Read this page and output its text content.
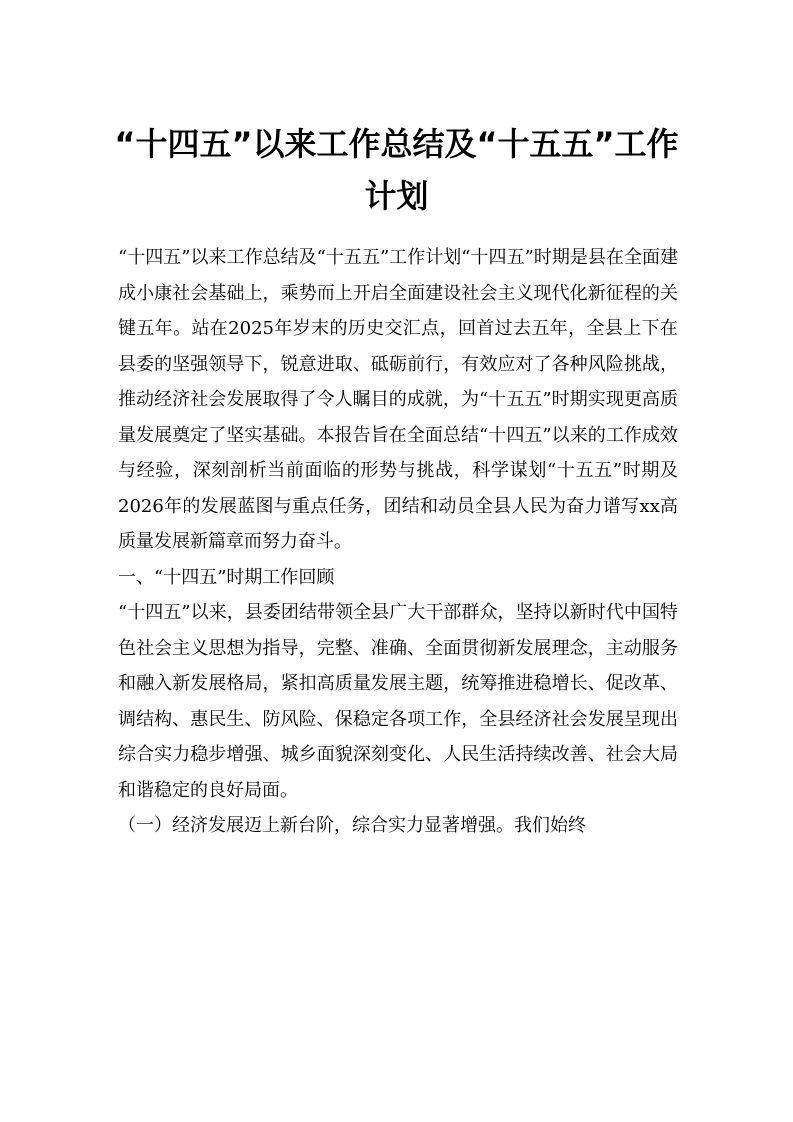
“十四五”以来工作总结及“十五五”工作计划

“十四五”以来工作总结及“十五五”工作计划“十四五”时期是县在全面建成小康社会基础上，乘势而上开启全面建设社会主义现代化新征程的关键五年。站在2025年岁末的历史交汇点，回首过去五年，全县上下在县委的坚强领导下，锐意进取、砥砺前行，有效应对了各种风险挑战，推动经济社会发展取得了令人瞩目的成就，为“十五五”时期实现更高质量发展奠定了坚实基础。本报告旨在全面总结“十四五”以来的工作成效与经验，深刻剖析当前面临的形势与挑战，科学谋划“十五五”时期及2026年的发展蓝图与重点任务，团结和动员全县人民为奋力谱写xx高质量发展新篇章而努力奋斗。

一、“十四五”时期工作回顾

“十四五”以来，县委团结带领全县广大干部群众，坚持以新时代中国特色社会主义思想为指导，完整、准确、全面贯彻新发展理念，主动服务和融入新发展格局，紧扣高质量发展主题，统筹推进稳增长、促改革、调结构、惠民生、防风险、保稳定各项工作，全县经济社会发展呈现出综合实力稳步增强、城乡面貌深刻变化、人民生活持续改善、社会大局和谐稳定的良好局面。

（一）经济发展迈上新台阶，综合实力显著增强。我们始终
